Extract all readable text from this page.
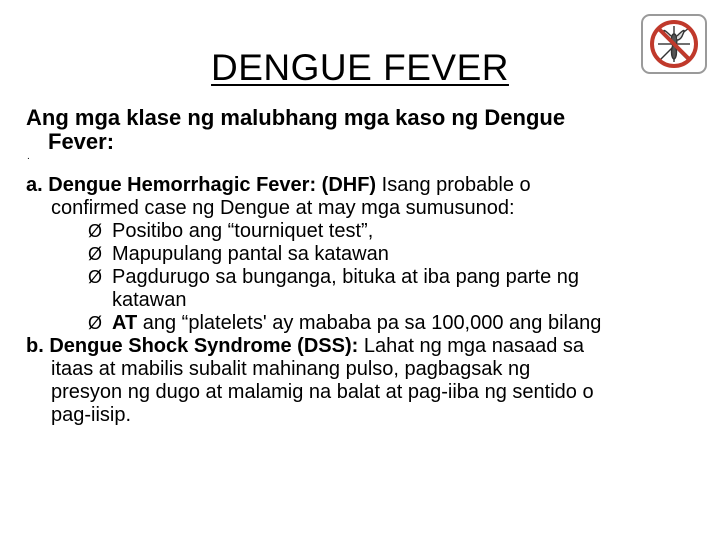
DENGUE FEVER
Ang mga klase ng malubhang mga kaso ng Dengue
Fever:
.
a. Dengue Hemorrhagic Fever: (DHF) Isang probable o
confirmed case ng Dengue at may mga sumusunod:
Ø Positibo ang “tourniquet test”,
Ø Mapupulang pantal sa katawan
Ø Pagdurugo sa bunganga, bituka at iba pang parte ng
katawan
Ø AT ang “platelets' ay mababa pa sa 100,000 ang bilang
b. Dengue Shock Syndrome (DSS): Lahat ng mga nasaad sa
itaas at mabilis subalit mahinang pulso, pagbagsak ng
presyon ng dugo at malamig na balat at pag-iiba ng sentido o
pag-iisip.
